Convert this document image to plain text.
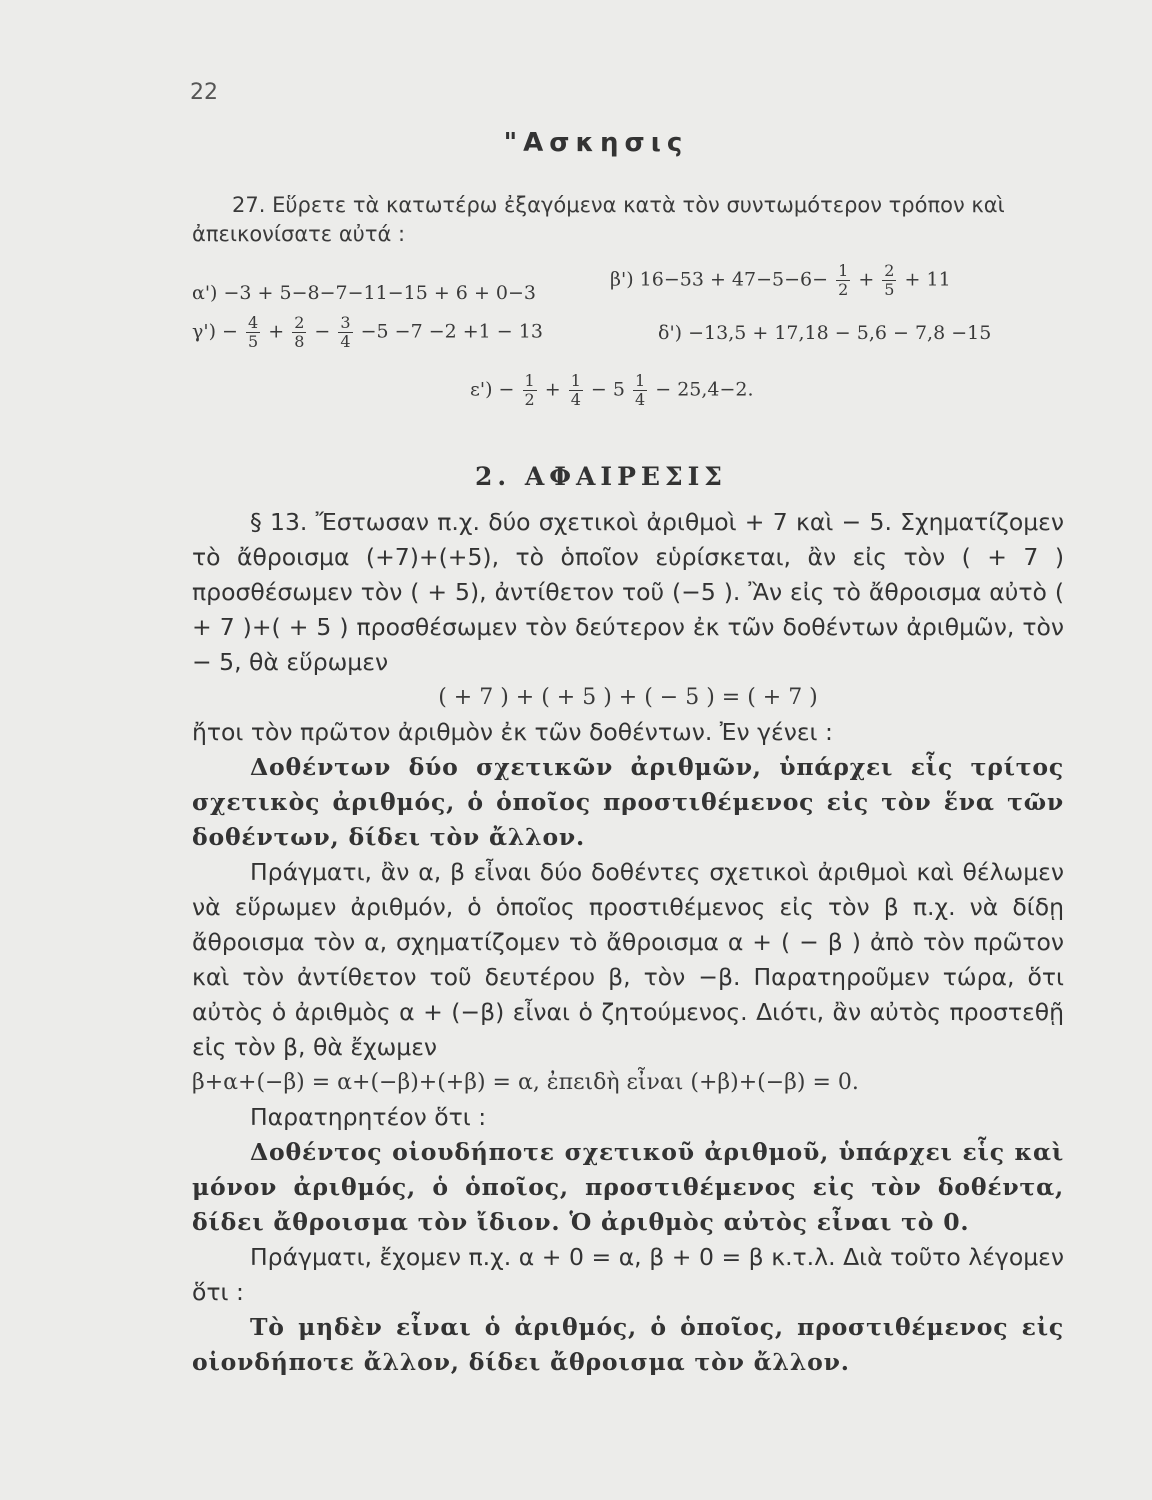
22
"Ασκησις
27. Εὕρετε τὰ κατωτέρω ἐξαγόμενα κατὰ τὸν συντωμότερον τρόπον καὶ
ἀπεικονίσατε αὐτά :
α') −3 + 5−8−7−11−15 + 6 + 0−3
β') $16-53 + 47-5-6- \frac{1}{2} + \frac{2}{5} + 11$
$\gamma') - \frac{4}{5} + \frac{2}{8} - \frac{3}{4} -5 -7 -2 +1 - 13$	δ') −13,5 + 17,18 − 5,6 − 7,8 −15
$\varepsilon') - \frac{1}{2} + \frac{1}{4} - 5 \frac{1}{4} - 25,4-2$.
2. ΑΦΑΙΡΕΣΙΣ

§ 13. Ἔστωσαν π.χ. δύο σχετικοὶ ἀριθμοὶ + 7 καὶ − 5. Σχηματίζομεν τὸ ἄθροισμα (+7)+(+5), τὸ ὁποῖον εὑρίσκεται, ἂν εἰς τὸν ( + 7 ) προσθέσωμεν τὸν ( + 5), ἀντίθετον τοῦ (−5 ). Ἂν εἰς τὸ ἄθροισμα αὐτὸ ( + 7 )+( + 5 ) προσθέσωμεν τὸν δεύτερον ἐκ τῶν δοθέντων ἀριθμῶν, τὸν − 5, θὰ εὕρωμεν

( + 7 ) + ( + 5 ) + ( − 5 ) = ( + 7 )

ἤτοι τὸν πρῶτον ἀριθμὸν ἐκ τῶν δοθέντων. Ἐν γένει :

Δοθέντων δύο σχετικῶν ἀριθμῶν, ὑπάρχει εἷς τρίτος σχετικὸς ἀριθμός, ὁ ὁποῖος προστιθέμενος εἰς τὸν ἕνα τῶν δοθέντων, δίδει τὸν ἄλλον.

Πράγματι, ἂν α, β εἶναι δύο δοθέντες σχετικοὶ ἀριθμοὶ καὶ θέλωμεν νὰ εὕρωμεν ἀριθμόν, ὁ ὁποῖος προστιθέμενος εἰς τὸν β π.χ. νὰ δίδῃ ἄθροισμα τὸν α, σχηματίζομεν τὸ ἄθροισμα α + ( − β ) ἀπὸ τὸν πρῶτον καὶ τὸν ἀντίθετον τοῦ δευτέρου β, τὸν −β. Παρατηροῦμεν τώρα, ὅτι αὐτὸς ὁ ἀριθμὸς α + (−β) εἶναι ὁ ζητούμενος. Διότι, ἂν αὐτὸς προστεθῇ εἰς τὸν β, θὰ ἔχωμεν

β+α+(−β) = α+(−β)+(+β) = α, ἐπειδὴ εἶναι (+β)+(−β) = 0.

Παρατηρητέον ὅτι :

Δοθέντος οἱουδήποτε σχετικοῦ ἀριθμοῦ, ὑπάρχει εἷς καὶ μόνον ἀριθμός, ὁ ὁποῖος, προστιθέμενος εἰς τὸν δοθέντα, δίδει ἄθροισμα τὸν ἴδιον. Ὁ ἀριθμὸς αὐτὸς εἶναι τὸ 0.

Πράγματι, ἔχομεν π.χ. α + 0 = α, β + 0 = β κ.τ.λ. Διὰ τοῦτο λέγομεν ὅτι :

Τὸ μηδὲν εἶναι ὁ ἀριθμός, ὁ ὁποῖος, προστιθέμενος εἰς οἱονδήποτε ἄλλον, δίδει ἄθροισμα τὸν ἄλλον.
